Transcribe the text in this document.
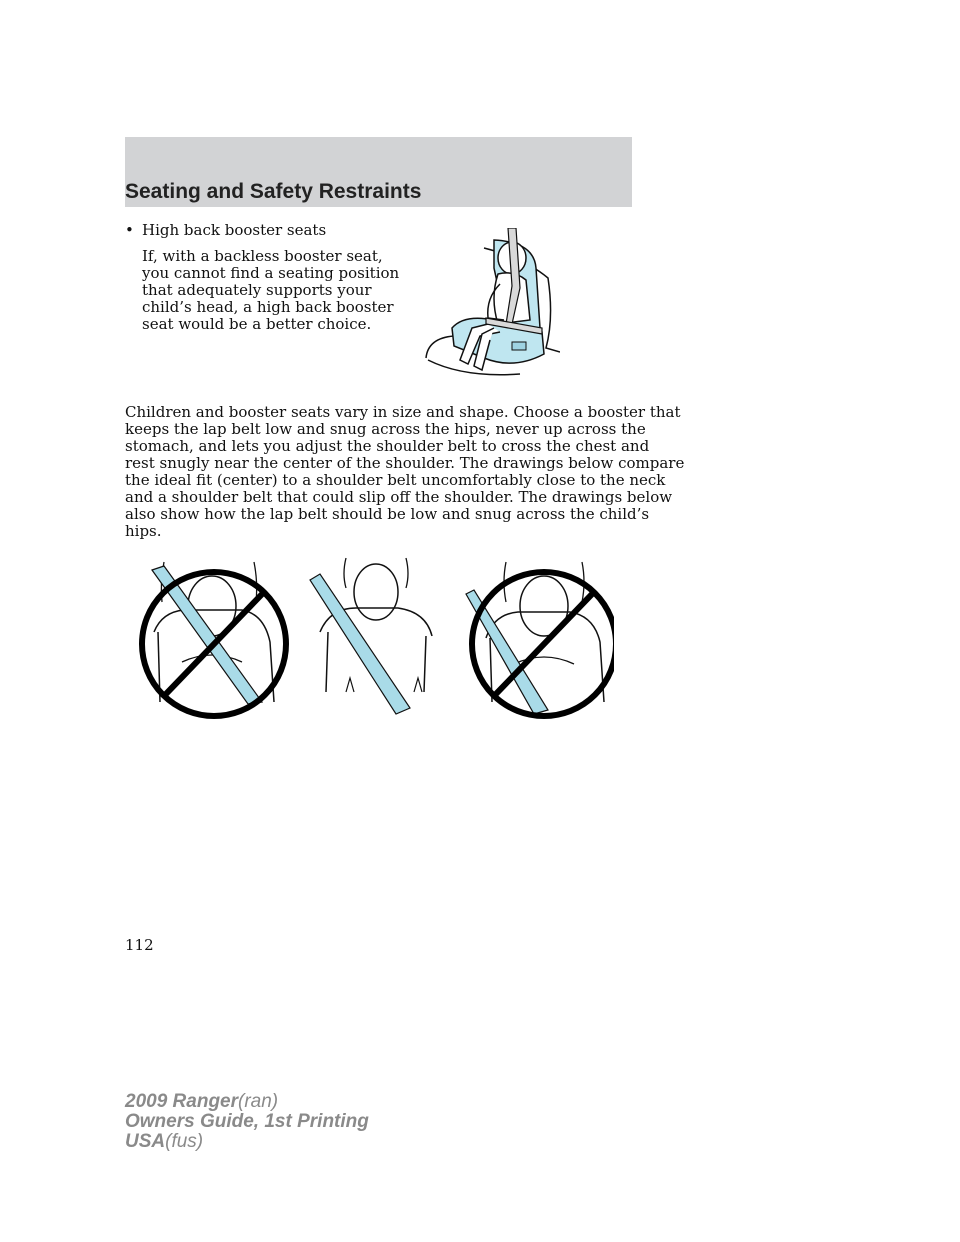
Seating and Safety Restraints
• High back booster seats
If, with a backless booster seat,
you cannot find a seating position
that adequately supports your
child’s head, a high back booster
seat would be a better choice.
Children and booster seats vary in size and shape. Choose a booster that
keeps the lap belt low and snug across the hips, never up across the
stomach, and lets you adjust the shoulder belt to cross the chest and
rest snugly near the center of the shoulder. The drawings below compare
the ideal fit (center) to a shoulder belt uncomfortably close to the neck
and a shoulder belt that could slip off the shoulder. The drawings below
also show how the lap belt should be low and snug across the child’s
hips.
112
2009 Ranger(ran)
Owners Guide, 1st Printing
USA(fus)
